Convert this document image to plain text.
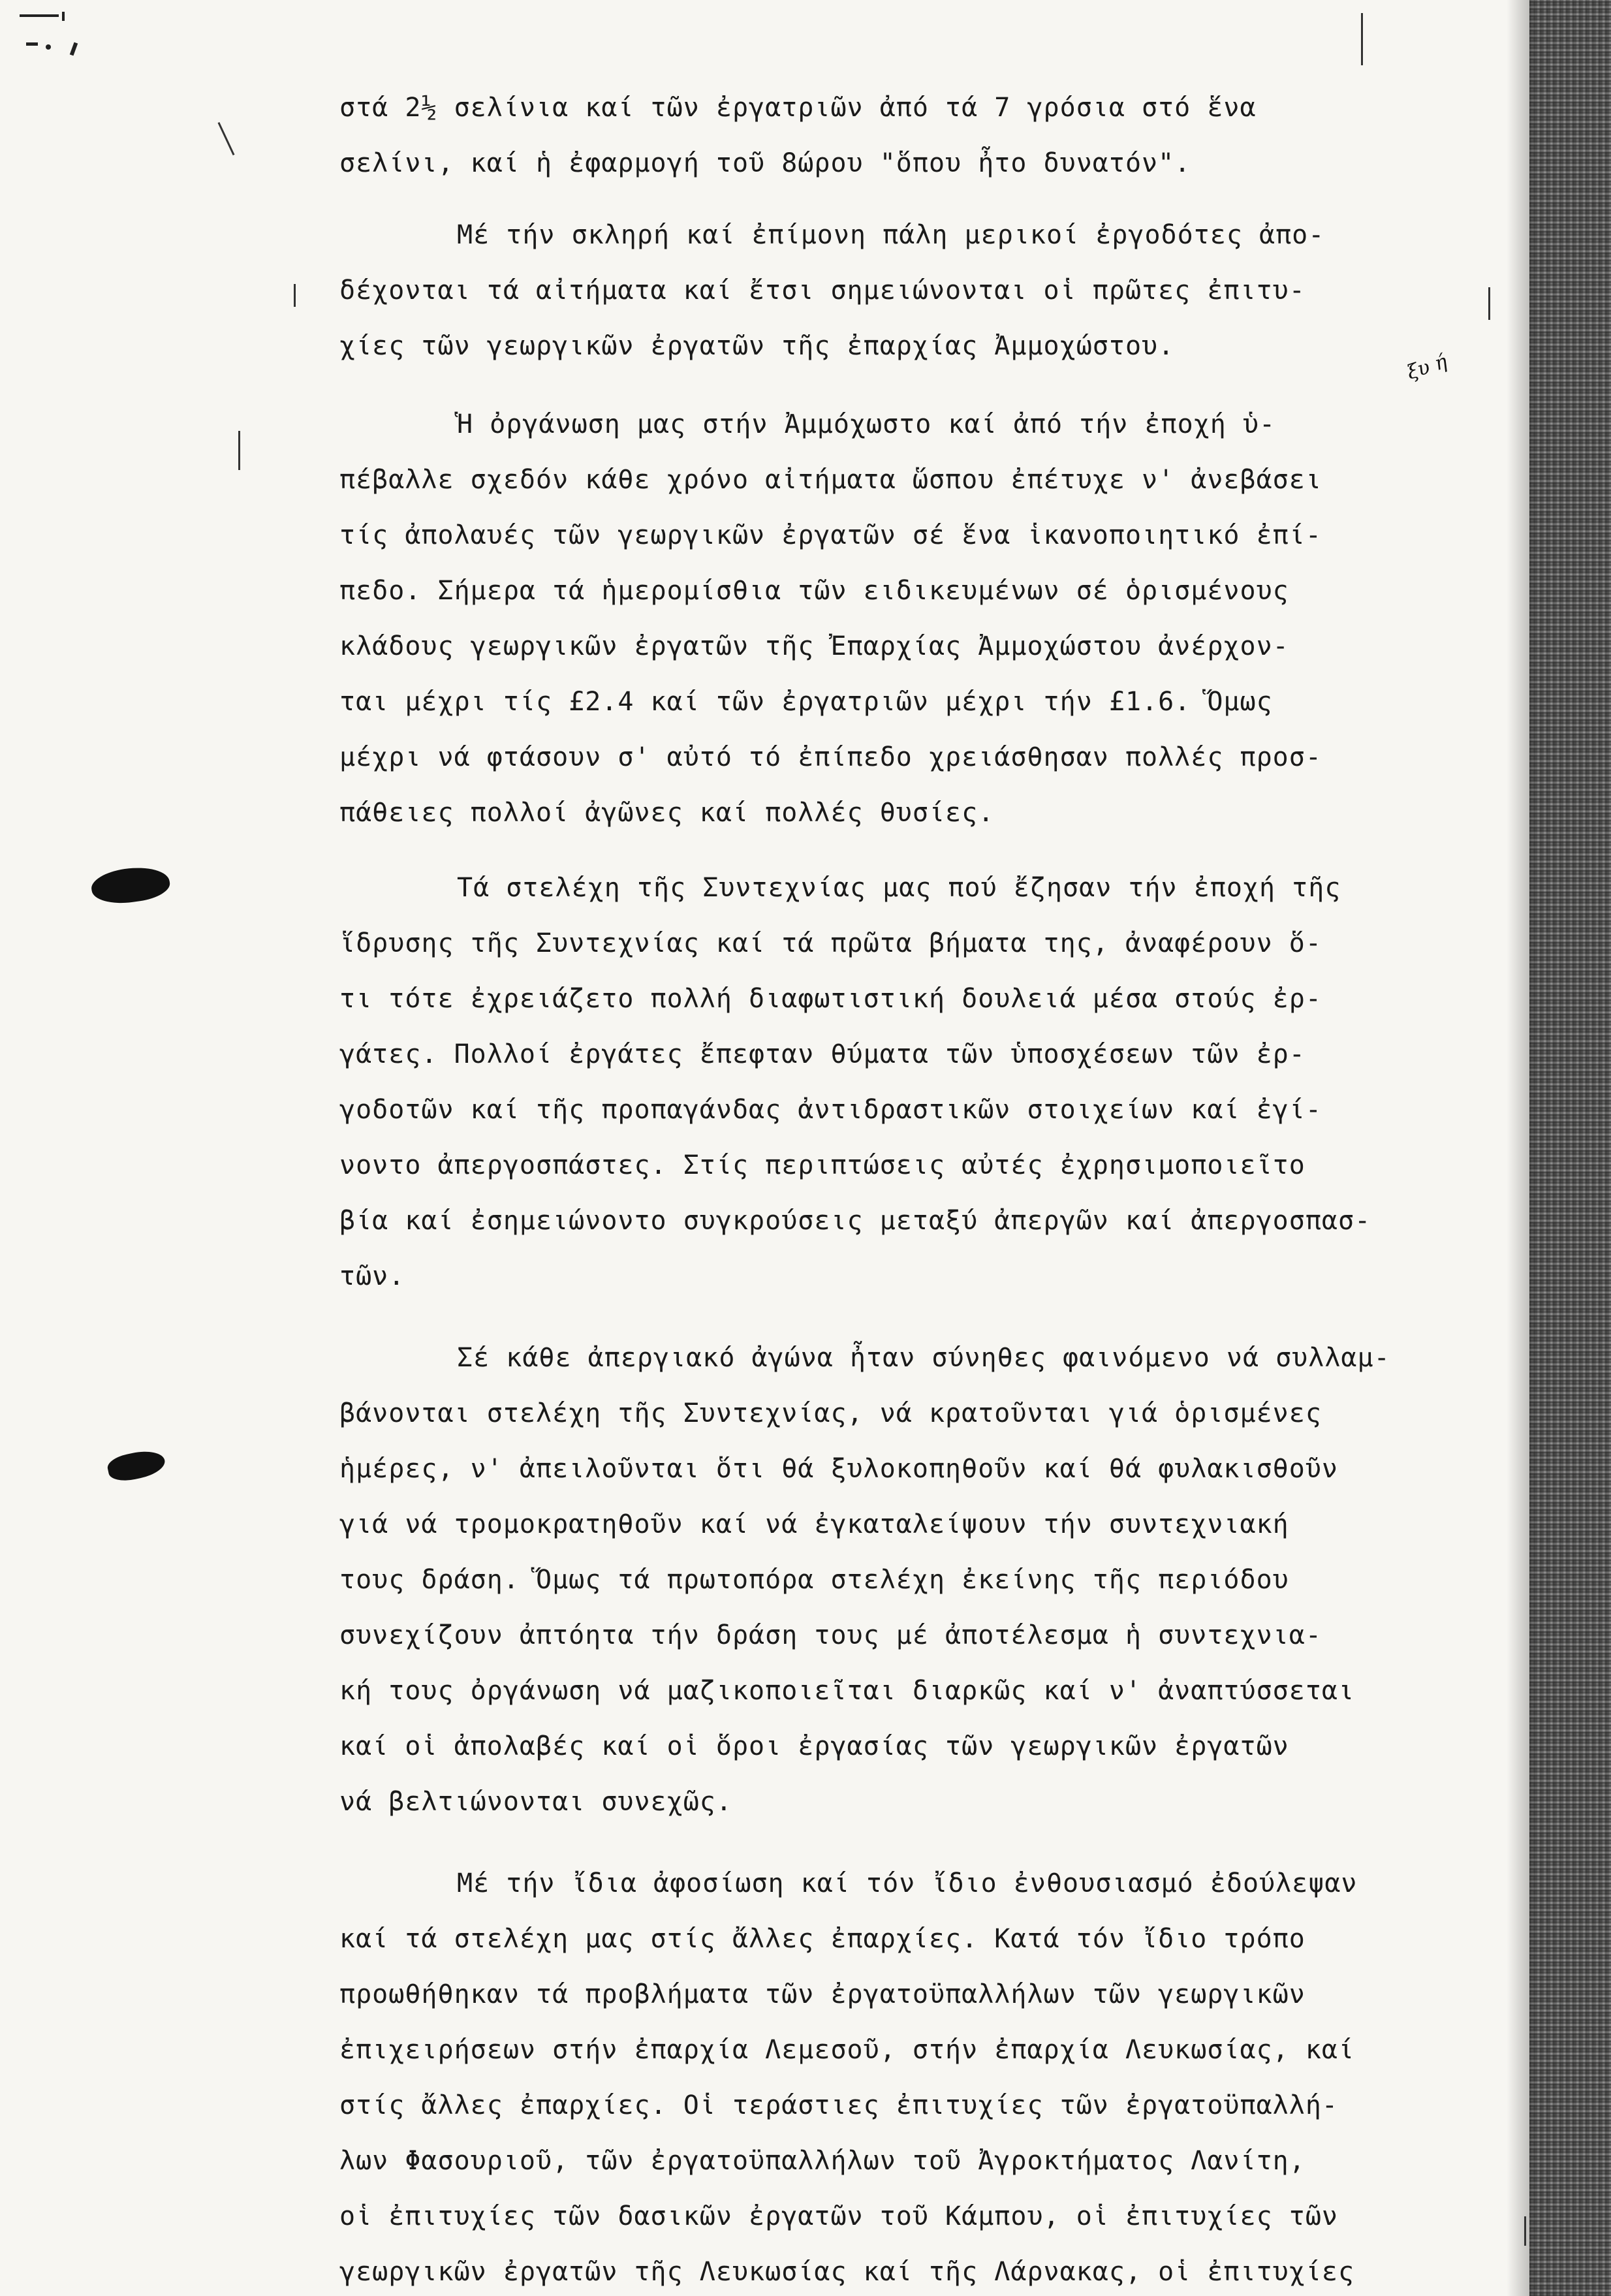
ξυ ή
στά 2½ σελίνια καί τῶν ἐργατριῶν ἀπό τά 7 γρόσια στό ἕνα
σελίνι, καί ἡ ἐφαρμογή τοῦ 8ώρου "ὅπου ἦτο δυνατόν".
Μέ τήν σκληρή καί ἐπίμονη πάλη μερικοί ἐργοδότες ἀπο-
δέχονται τά αἰτήματα καί ἔτσι σημειώνονται οἱ πρῶτες ἐπιτυ-
χίες τῶν γεωργικῶν ἐργατῶν τῆς ἐπαρχίας Ἀμμοχώστου.
Ἡ ὀργάνωση μας στήν Ἀμμόχωστο καί ἀπό τήν ἐποχή ὑ-
πέβαλλε σχεδόν κάθε χρόνο αἰτήματα ὥσπου ἐπέτυχε ν' ἀνεβάσει
τίς ἀπολαυές τῶν γεωργικῶν ἐργατῶν σέ ἕνα ἱκανοποιητικό ἐπί-
πεδο. Σήμερα τά ἡμερομίσθια τῶν ειδικευμένων σέ ὁρισμένους
κλάδους γεωργικῶν ἐργατῶν τῆς Ἐπαρχίας Ἀμμοχώστου ἀνέρχον-
ται μέχρι τίς £2.4 καί τῶν ἐργατριῶν μέχρι τήν £1.6. Ὅμως
μέχρι νά φτάσουν σ' αὐτό τό ἐπίπεδο χρειάσθησαν πολλές προσ-
πάθειες πολλοί ἀγῶνες καί πολλές θυσίες.
Τά στελέχη τῆς Συντεχνίας μας πού ἔζησαν τήν ἐποχή τῆς
ἵδρυσης τῆς Συντεχνίας καί τά πρῶτα βήματα της, ἀναφέρουν ὅ-
τι τότε ἐχρειάζετο πολλή διαφωτιστική δουλειά μέσα στούς ἐρ-
γάτες. Πολλοί ἐργάτες ἔπεφταν θύματα τῶν ὑποσχέσεων τῶν ἐρ-
γοδοτῶν καί τῆς προπαγάνδας ἀντιδραστικῶν στοιχείων καί ἐγί-
νοντο ἀπεργοσπάστες. Στίς περιπτώσεις αὐτές ἐχρησιμοποιεῖτο
βία καί ἐσημειώνοντο συγκρούσεις μεταξύ ἀπεργῶν καί ἀπεργοσπασ-
τῶν.
Σέ κάθε ἀπεργιακό ἀγώνα ἦταν σύνηθες φαινόμενο νά συλλαμ-
βάνονται στελέχη τῆς Συντεχνίας, νά κρατοῦνται γιά ὁρισμένες
ἡμέρες, ν' ἀπειλοῦνται ὅτι θά ξυλοκοπηθοῦν καί θά φυλακισθοῦν
γιά νά τρομοκρατηθοῦν καί νά ἐγκαταλείψουν τήν συντεχνιακή
τους δράση. Ὅμως τά πρωτοπόρα στελέχη ἐκείνης τῆς περιόδου
συνεχίζουν ἀπτόητα τήν δράση τους μέ ἀποτέλεσμα ἡ συντεχνια-
κή τους ὀργάνωση νά μαζικοποιεῖται διαρκῶς καί ν' ἀναπτύσσεται
καί οἱ ἀπολαβές καί οἱ ὅροι ἐργασίας τῶν γεωργικῶν ἐργατῶν
νά βελτιώνονται συνεχῶς.
Μέ τήν ἴδια ἀφοσίωση καί τόν ἴδιο ἐνθουσιασμό ἐδούλεψαν
καί τά στελέχη μας στίς ἄλλες ἐπαρχίες. Κατά τόν ἴδιο τρόπο
προωθήθηκαν τά προβλήματα τῶν ἐργατοϋπαλλήλων τῶν γεωργικῶν
ἐπιχειρήσεων στήν ἐπαρχία Λεμεσοῦ, στήν ἐπαρχία Λευκωσίας, καί
στίς ἄλλες ἐπαρχίες. Οἱ τεράστιες ἐπιτυχίες τῶν ἐργατοϋπαλλή-
λων Φασουριοῦ, τῶν ἐργατοϋπαλλήλων τοῦ Ἀγροκτήματος Λανίτη,
οἱ ἐπιτυχίες τῶν δασικῶν ἐργατῶν τοῦ Κάμπου, οἱ ἐπιτυχίες τῶν
γεωργικῶν ἐργατῶν τῆς Λευκωσίας καί τῆς Λάρνακας, οἱ ἐπιτυχίες
